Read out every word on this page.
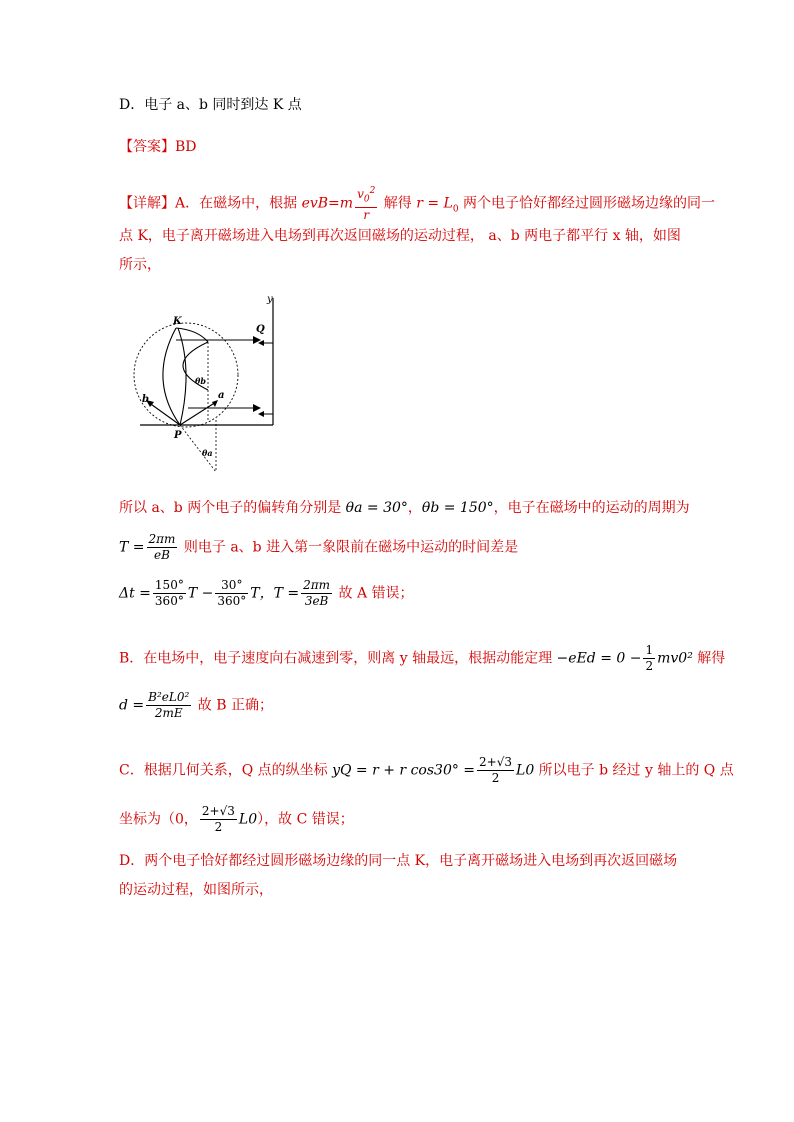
D．电子 a、b 同时到达 K 点
【答案】BD
【详解】A．在磁场中，根据 $evB=m \frac{v_0^2}{r}$ 解得 $r = L_0$ 两个电子恰好都经过圆形磁场边缘的同一
点 K，电子离开磁场进入电场到再次返回磁场的运动过程， a、b 两电子都平行 x 轴，如图
所示，
y
K
Q
θb
b	a
P
θa
所以 a、b 两个电子的偏转角分别是 θa = 30°，θb = 150°，电子在磁场中的运动的周期为
$T = \frac{2\pi m}{eB}$ 则电子 a、b 进入第一象限前在磁场中运动的时间差是
$\Delta t = \frac{150^\circ}{360^\circ}$ $T - \frac{30^\circ}{360^\circ}$ T，$T = \frac{2\pi m}{3eB}$ 故 A 错误；
B．在电场中，电子速度向右减速到零，则离 y 轴最远，根据动能定理 $-eEd = 0 - \frac{1}{2} mv0^2$ 解得
$d = \frac{\text{B²eL0²}}{2mE}$ 故 B 正确；
C．根据几何关系，Q 点的纵坐标 yQ = r + r $\cos 30^\circ = \frac{2+√3}{2} L0$ 所以电子 b 经过 y 轴上的 Q 点
坐标为（0， $\frac{2+√3}{2} L0$），故 C 错误；
D．两个电子恰好都经过圆形磁场边缘的同一点 K，电子离开磁场进入电场到再次返回磁场
的运动过程，如图所示，
